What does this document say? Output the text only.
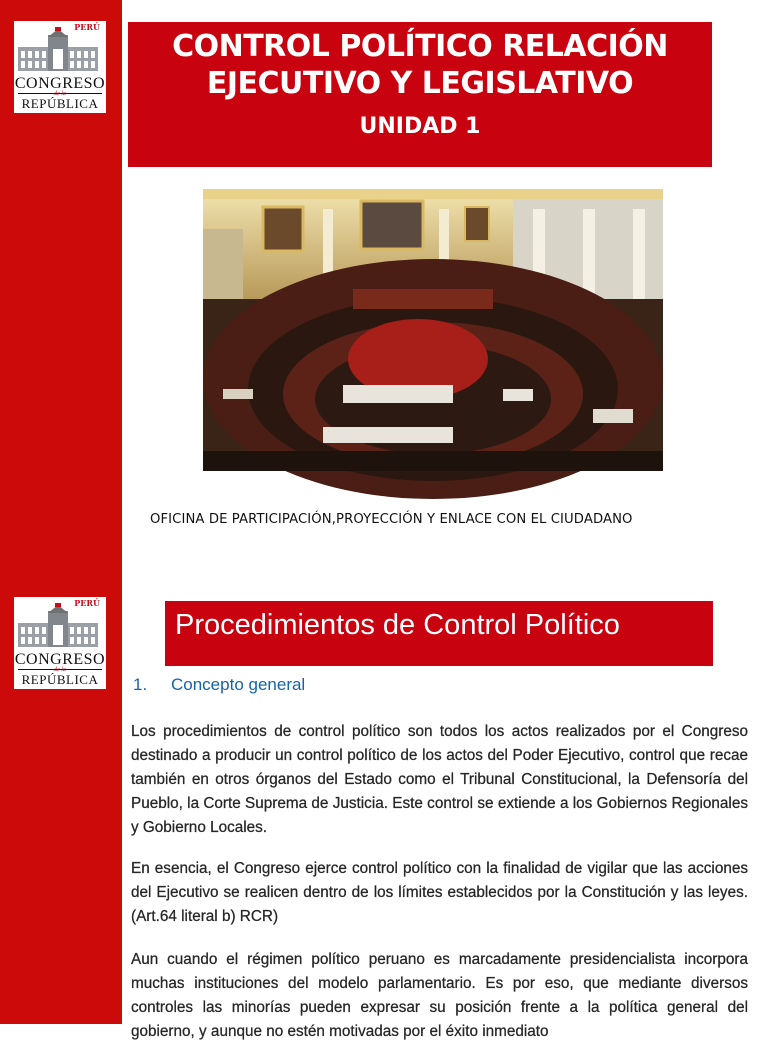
PERÚ
CONGRESO
de la
REPÚBLICA
CONTROL POLÍTICO RELACIÓN EJECUTIVO Y LEGISLATIVO
UNIDAD 1
OFICINA DE PARTICIPACIÓN,PROYECCIÓN Y ENLACE CON EL CIUDADANO
PERÚ
CONGRESO
de la
REPÚBLICA
Procedimientos de Control Político
1. Concepto general

Los procedimientos de control político son todos los actos realizados por el Congreso destinado a producir un control político de los actos del Poder Ejecutivo, control que recae también en otros órganos del Estado como el Tribunal Constitucional, la Defensoría del Pueblo, la Corte Suprema de Justicia. Este control se extiende a los Gobiernos Regionales y Gobierno Locales.

En esencia, el Congreso ejerce control político con la finalidad de vigilar que las acciones del Ejecutivo se realicen dentro de los límites establecidos por la Constitución y las leyes. (Art.64 literal b) RCR)

Aun cuando el régimen político peruano es marcadamente presidencialista incorpora muchas instituciones del modelo parlamentario. Es por eso, que mediante diversos controles las minorías pueden expresar su posición frente a la política general del gobierno, y aunque no estén motivadas por el éxito inmediato
